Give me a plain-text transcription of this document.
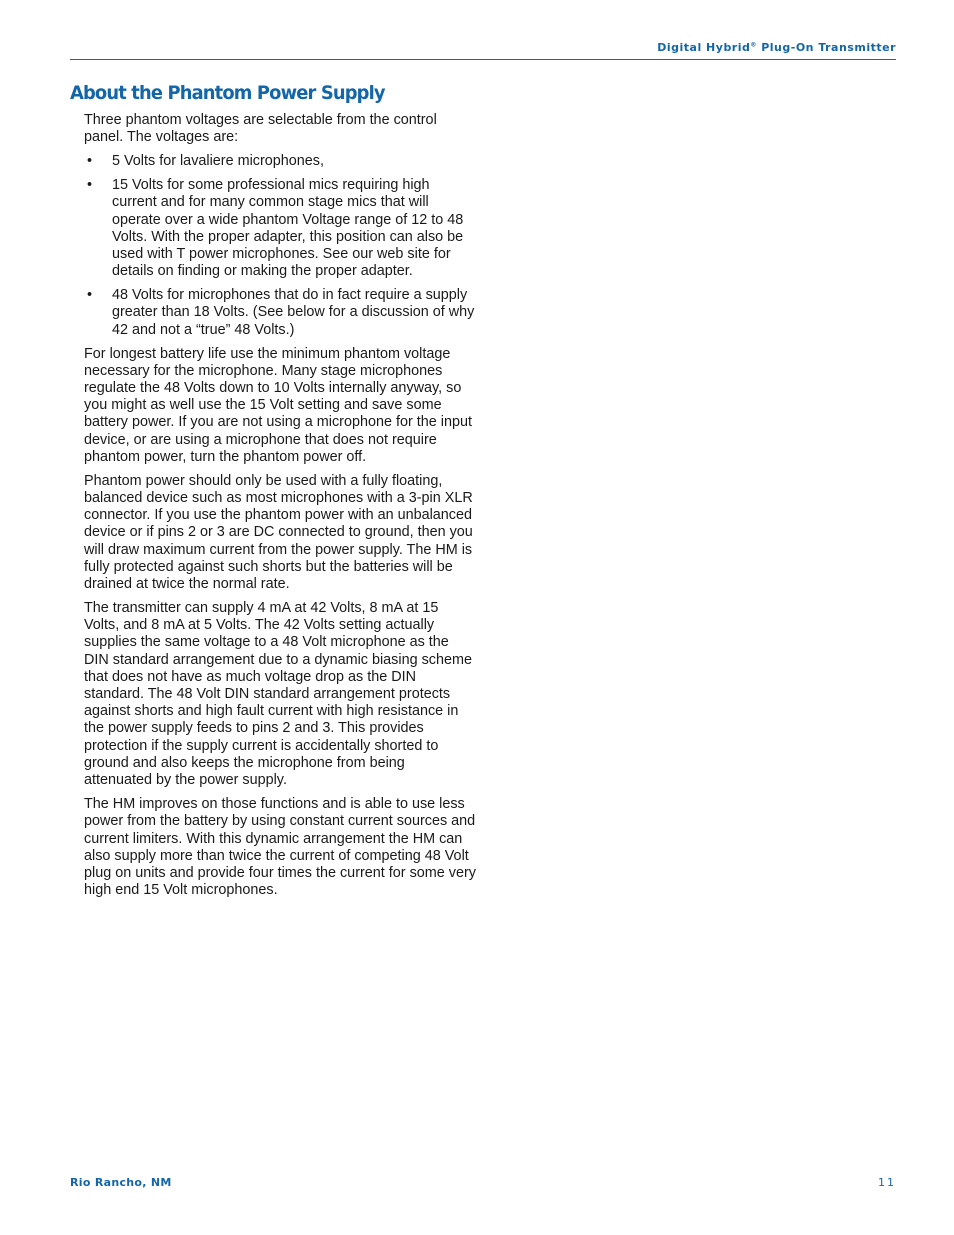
Digital Hybrid® Plug-On Transmitter
About the Phantom Power Supply

Three phantom voltages are selectable from the control panel. The voltages are:

• 5 Volts for lavaliere microphones,
• 15 Volts for some professional mics requiring high current and for many common stage mics that will operate over a wide phantom Voltage range of 12 to 48 Volts. With the proper adapter, this position can also be used with T power microphones. See our web site for details on finding or making the proper adapter.
• 48 Volts for microphones that do in fact require a supply greater than 18 Volts. (See below for a discussion of why 42 and not a “true” 48 Volts.)

For longest battery life use the minimum phantom voltage necessary for the microphone. Many stage microphones regulate the 48 Volts down to 10 Volts internally anyway, so you might as well use the 15 Volt setting and save some battery power. If you are not using a microphone for the input device, or are using a microphone that does not require phantom power, turn the phantom power off.

Phantom power should only be used with a fully floating, balanced device such as most microphones with a 3-pin XLR connector. If you use the phantom power with an unbalanced device or if pins 2 or 3 are DC connected to ground, then you will draw maximum current from the power supply. The HM is fully protected against such shorts but the batteries will be drained at twice the normal rate.

The transmitter can supply 4 mA at 42 Volts, 8 mA at 15 Volts, and 8 mA at 5 Volts. The 42 Volts setting actually supplies the same voltage to a 48 Volt microphone as the DIN standard arrangement due to a dynamic biasing scheme that does not have as much voltage drop as the DIN standard. The 48 Volt DIN standard arrangement protects against shorts and high fault current with high resistance in the power supply feeds to pins 2 and 3. This provides protection if the supply current is accidentally shorted to ground and also keeps the microphone from being attenuated by the power supply.

The HM improves on those functions and is able to use less power from the battery by using constant current sources and current limiters. With this dynamic arrangement the HM can also supply more than twice the current of competing 48 Volt plug on units and provide four times the current for some very high end 15 Volt microphones.

Rio Rancho, NM	11
